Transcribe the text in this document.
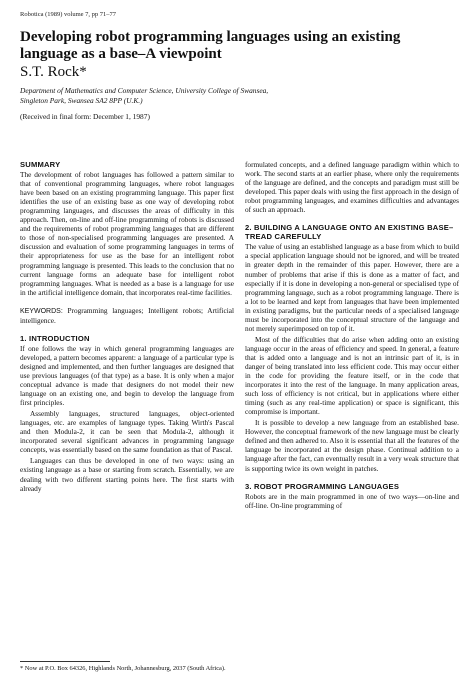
Robotica (1989) volume 7, pp 71–77
Developing robot programming languages using an existing language as a base–A viewpoint
S.T. Rock*
Department of Mathematics and Computer Science, University College of Swansea,
Singleton Park, Swansea SA2 8PP (U.K.)
(Received in final form: December 1, 1987)
SUMMARY

The development of robot languages has followed a pattern similar to that of conventional programming languages, where robot languages have been based on an existing programming language. This paper first identifies the use of an existing base as one way of developing robot programming languages, and discusses the areas of difficulty in this approach. Then, on-line and off-line programming of robots is discussed and the requirements of robot programming languages that are different to those of non-specialised programming languages are presented. A discussion and evaluation of some programming languages in terms of their appropriateness for use as the base for an intelligent robot programming language is presented. This leads to the conclusion that no current language forms an adequate base for intelligent robot programming languages. What is needed as a base is a language for use in the artificial intelligence domain, that incorporates real-time facilities.

KEYWORDS: Programming languages; Intelligent robots; Artificial intelligence.

1. INTRODUCTION

If one follows the way in which general programming languages are developed, a pattern becomes apparent: a language of a particular type is designed and implemented, and then further languages are designed that use previous languages (of that type) as a base. It is only when a major conceptual advance is made that designers do not model their new language on an existing one, and begin to develop the language from first principles.

Assembly languages, structured languages, object-oriented languages, etc. are examples of language types. Taking Wirth's Pascal and then Modula-2, it can be seen that Modula-2, although it incorporated several significant advances in programming language concepts, was essentially based on the same foundation as that of Pascal.

Languages can thus be developed in one of two ways: using an existing language as a base or starting from scratch. Essentially, we are dealing with two different starting points here. The first starts with already

* Now at P.O. Box 64326, Highlands North, Johannesburg, 2037 (South Africa).

formulated concepts, and a defined language paradigm within which to work. The second starts at an earlier phase, where only the requirements of the language are defined, and the concepts and paradigm must still be developed. This paper deals with using the first approach in the design of robot programming languages, and examines difficulties and advantages of such an approach.

2. BUILDING A LANGUAGE ONTO AN EXISTING BASE–TREAD CAREFULLY

The value of using an established language as a base from which to build a special application language should not be ignored, and will be treated in greater depth in the remainder of this paper. However, there are a number of problems that arise if this is done as a matter of fact, and especially if it is done in developing a non-general or specialised type of programming language, such as a robot programming language. There is a lot to be learned and kept from languages that have been implemented in existing paradigms, but the particular needs of a specialised language must be incorporated into the conceptual structure of the language and not merely superimposed on top of it.

Most of the difficulties that do arise when adding onto an existing language occur in the areas of efficiency and speed. In general, a feature that is added onto a language and is not an intrinsic part of it, is in danger of being translated into less efficient code. This may occur either in the code for providing the feature itself, or in the code that incorporates it into the rest of the language. In many application areas, such loss of efficiency is not critical, but in applications where either timing (such as any real-time application) or space is significant, this compromise is important.

It is possible to develop a new language from an established base. However, the conceptual framework of the new language must be clearly defined and then adhered to. Also it is essential that all the features of the language be incorporated at the design phase. Continual addition to a language after the fact, can eventually result in a very weak structure that is supporting twice its own weight in patches.

3. ROBOT PROGRAMMING LANGUAGES

Robots are in the main programmed in one of two ways—on-line and off-line. On-line programming of
